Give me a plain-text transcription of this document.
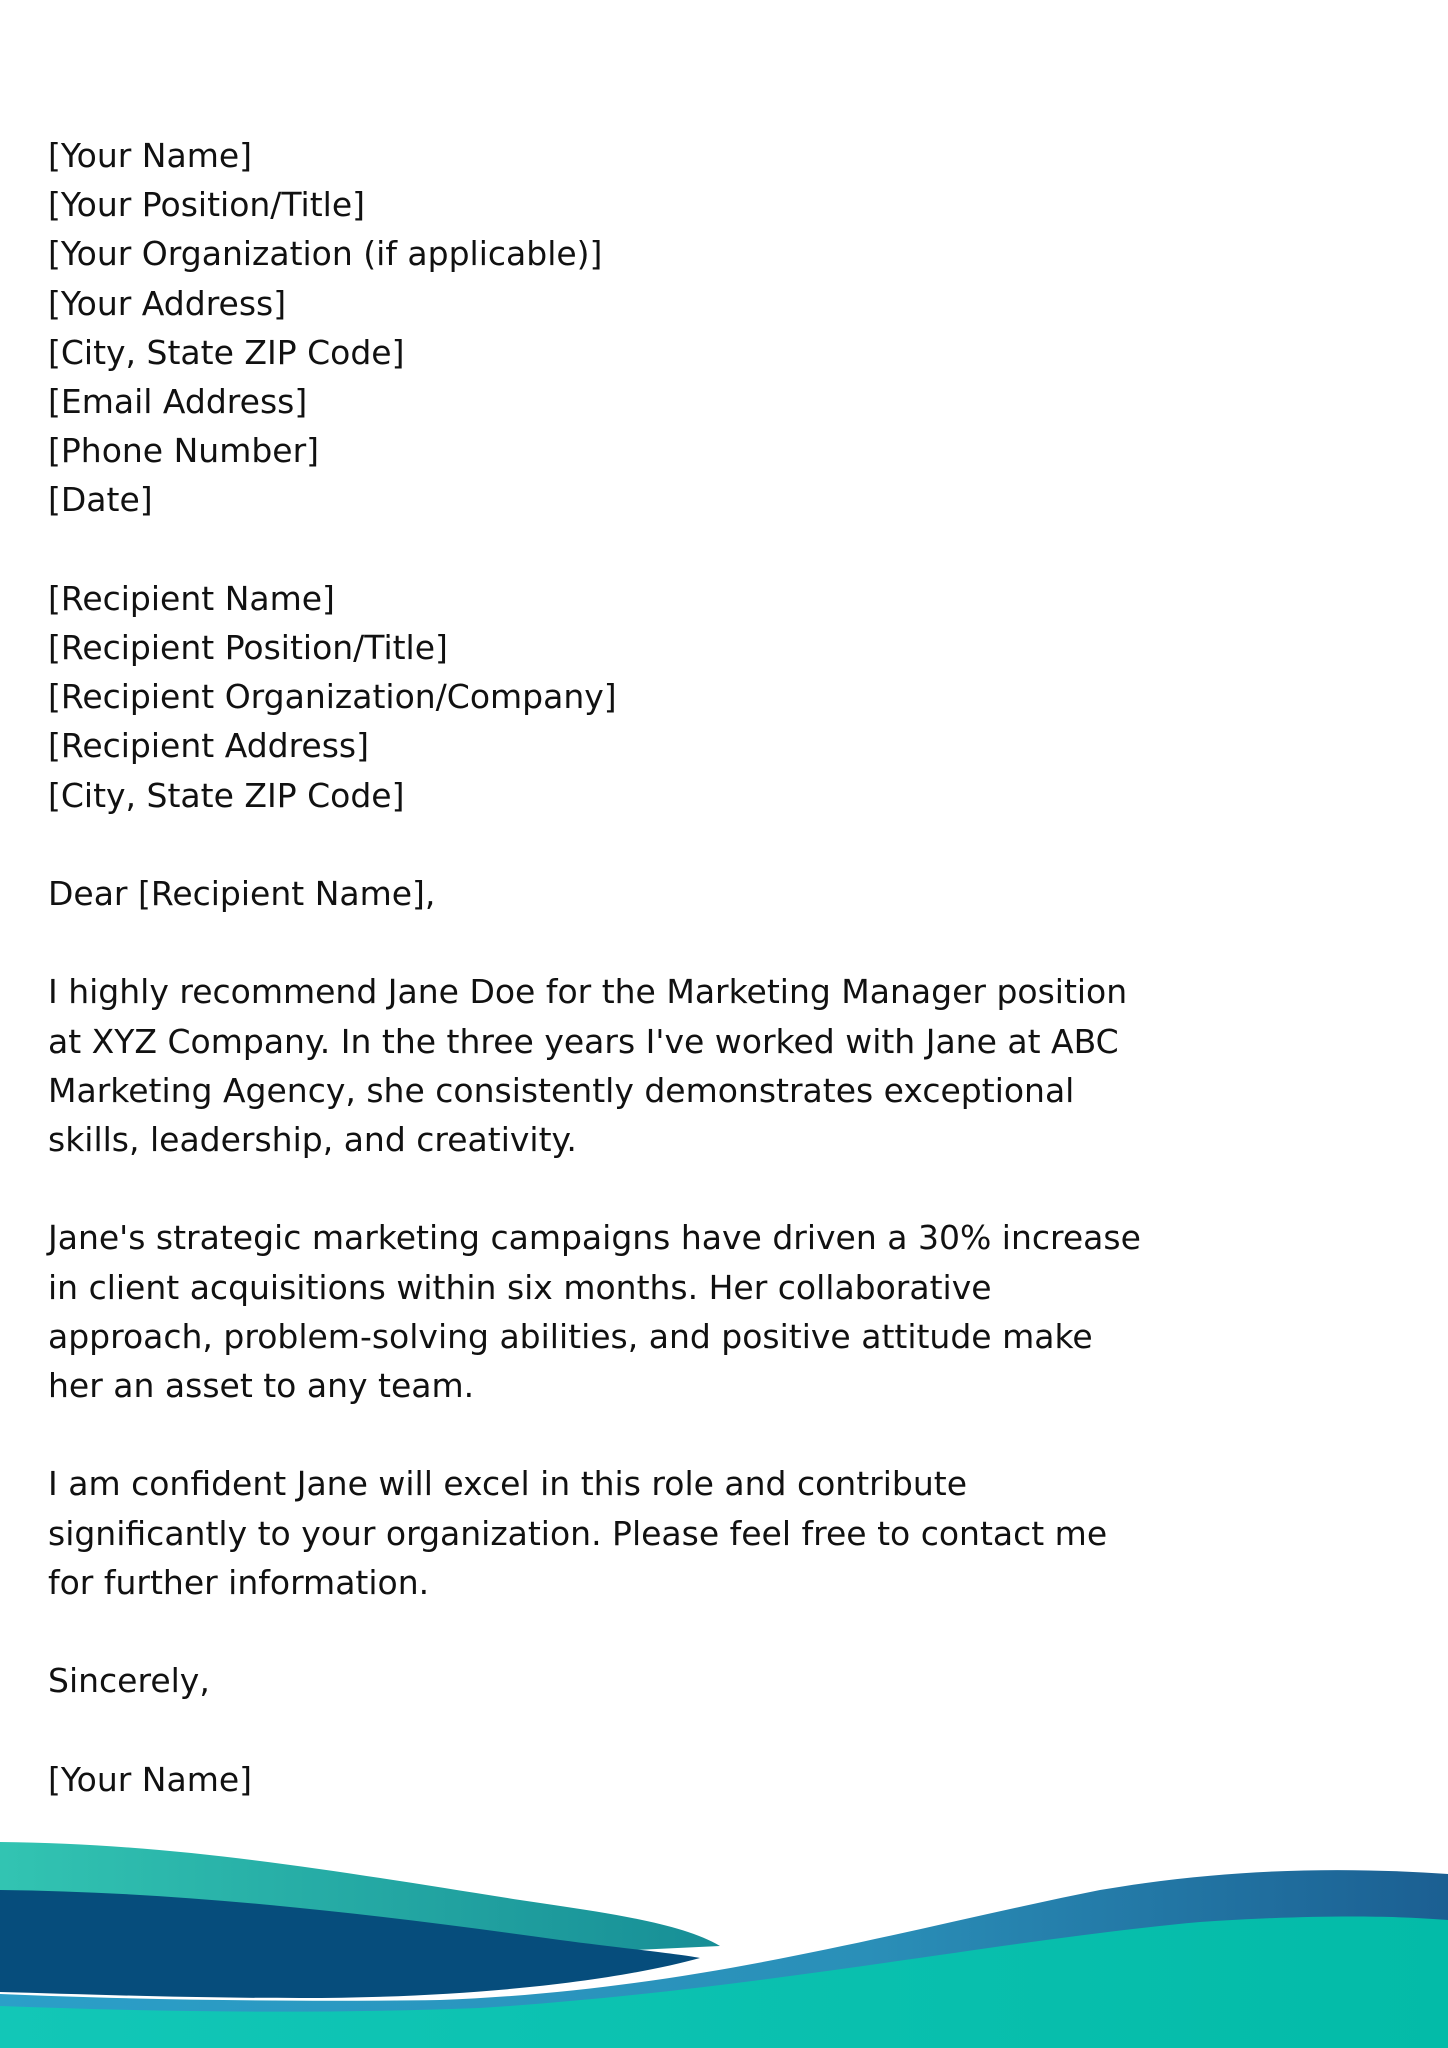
[Your Name]
[Your Position/Title]
[Your Organization (if applicable)]
[Your Address]
[City, State ZIP Code]
[Email Address]
[Phone Number]
[Date]
[Recipient Name]
[Recipient Position/Title]
[Recipient Organization/Company]
[Recipient Address]
[City, State ZIP Code]
Dear [Recipient Name],
I highly recommend Jane Doe for the Marketing Manager position
at XYZ Company. In the three years I've worked with Jane at ABC
Marketing Agency, she consistently demonstrates exceptional
skills, leadership, and creativity.
Jane's strategic marketing campaigns have driven a 30% increase
in client acquisitions within six months. Her collaborative
approach, problem-solving abilities, and positive attitude make
her an asset to any team.
I am confident Jane will excel in this role and contribute
significantly to your organization. Please feel free to contact me
for further information.
Sincerely,
[Your Name]
